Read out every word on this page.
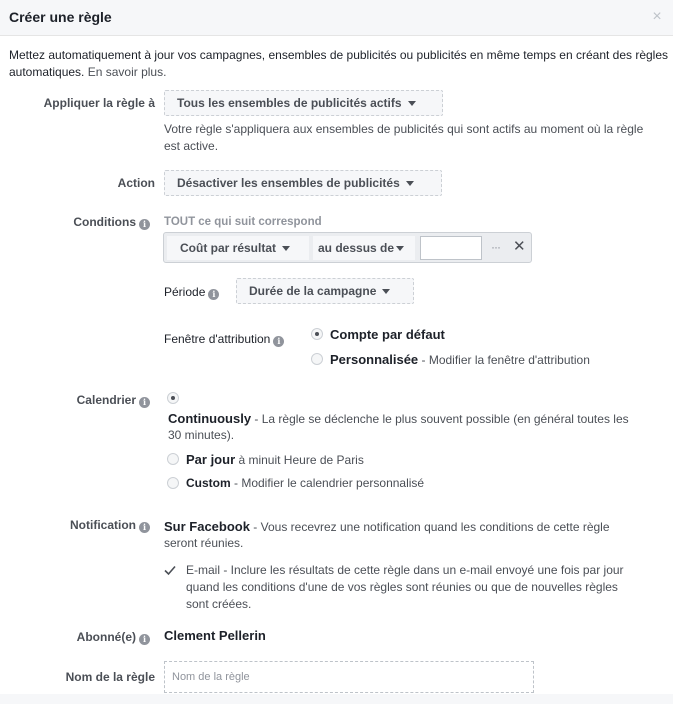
Créer une règle	×
Mettez automatiquement à jour vos campagnes, ensembles de publicités ou publicités en même temps en créant des règles automatiques. En savoir plus.
Appliquer la règle à	Tous les ensembles de publicités actifs
Votre règle s'appliquera aux ensembles de publicités qui sont actifs au moment où la règle est active.
Action	Désactiver les ensembles de publicités
Conditions i	TOUT ce qui suit correspond
Coût par résultat	au dessus de	··· ✕
Période i	Durée de la campagne
Fenêtre d'attribution i	Compte par défaut
Personnalisée - Modifier la fenêtre d'attribution
Calendrier i
Continuously - La règle se déclenche le plus souvent possible (en général toutes les
30 minutes).
Par jour à minuit Heure de Paris
Custom - Modifier le calendrier personnalisé
Notification i	Sur Facebook - Vous recevrez une notification quand les conditions de cette règle
seront réunies.
E-mail - Inclure les résultats de cette règle dans un e-mail envoyé une fois par jour
quand les conditions d'une de vos règles sont réunies ou que de nouvelles règles
sont créées.
Abonné(e) i	Clement Pellerin
Nom de la règle
Nom de la règle
